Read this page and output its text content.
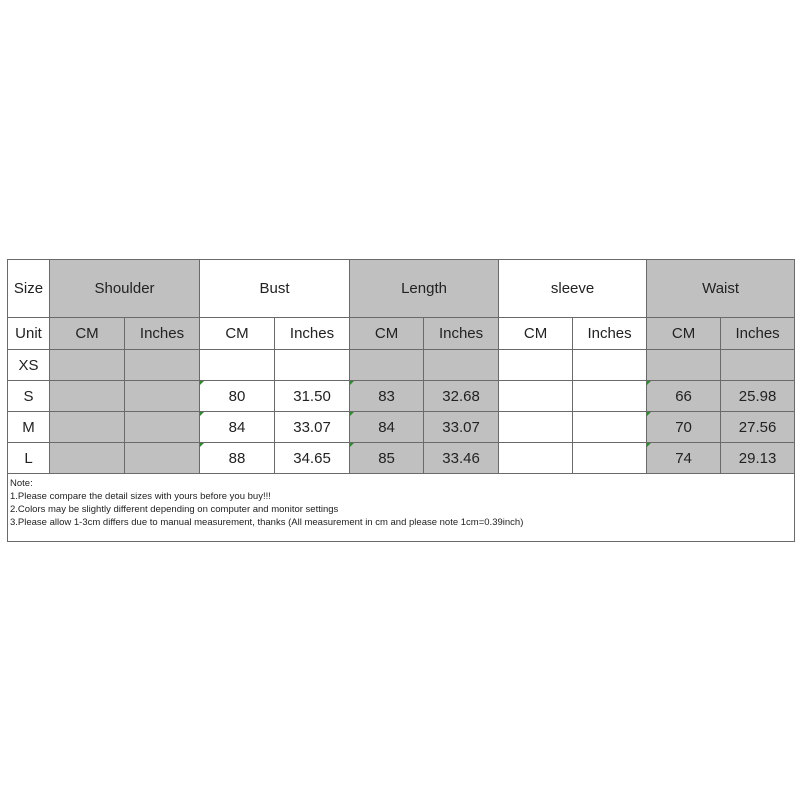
Size	Shoulder		Bust		Length		sleeve		Waist	
Unit	CM	Inches	CM	Inches	CM	Inches	CM	Inches	CM	Inches
XS										
S			80	31.50	83	32.68			66	25.98
M			84	33.07	84	33.07			70	27.56
L			88	34.65	85	33.46			74	29.13

Note:
1.Please compare the detail sizes with yours before you buy!!!
2.Colors may be slightly different depending on computer and monitor settings
3.Please allow 1-3cm differs due to manual measurement, thanks (All measurement in cm and please note 1cm=0.39inch)										
